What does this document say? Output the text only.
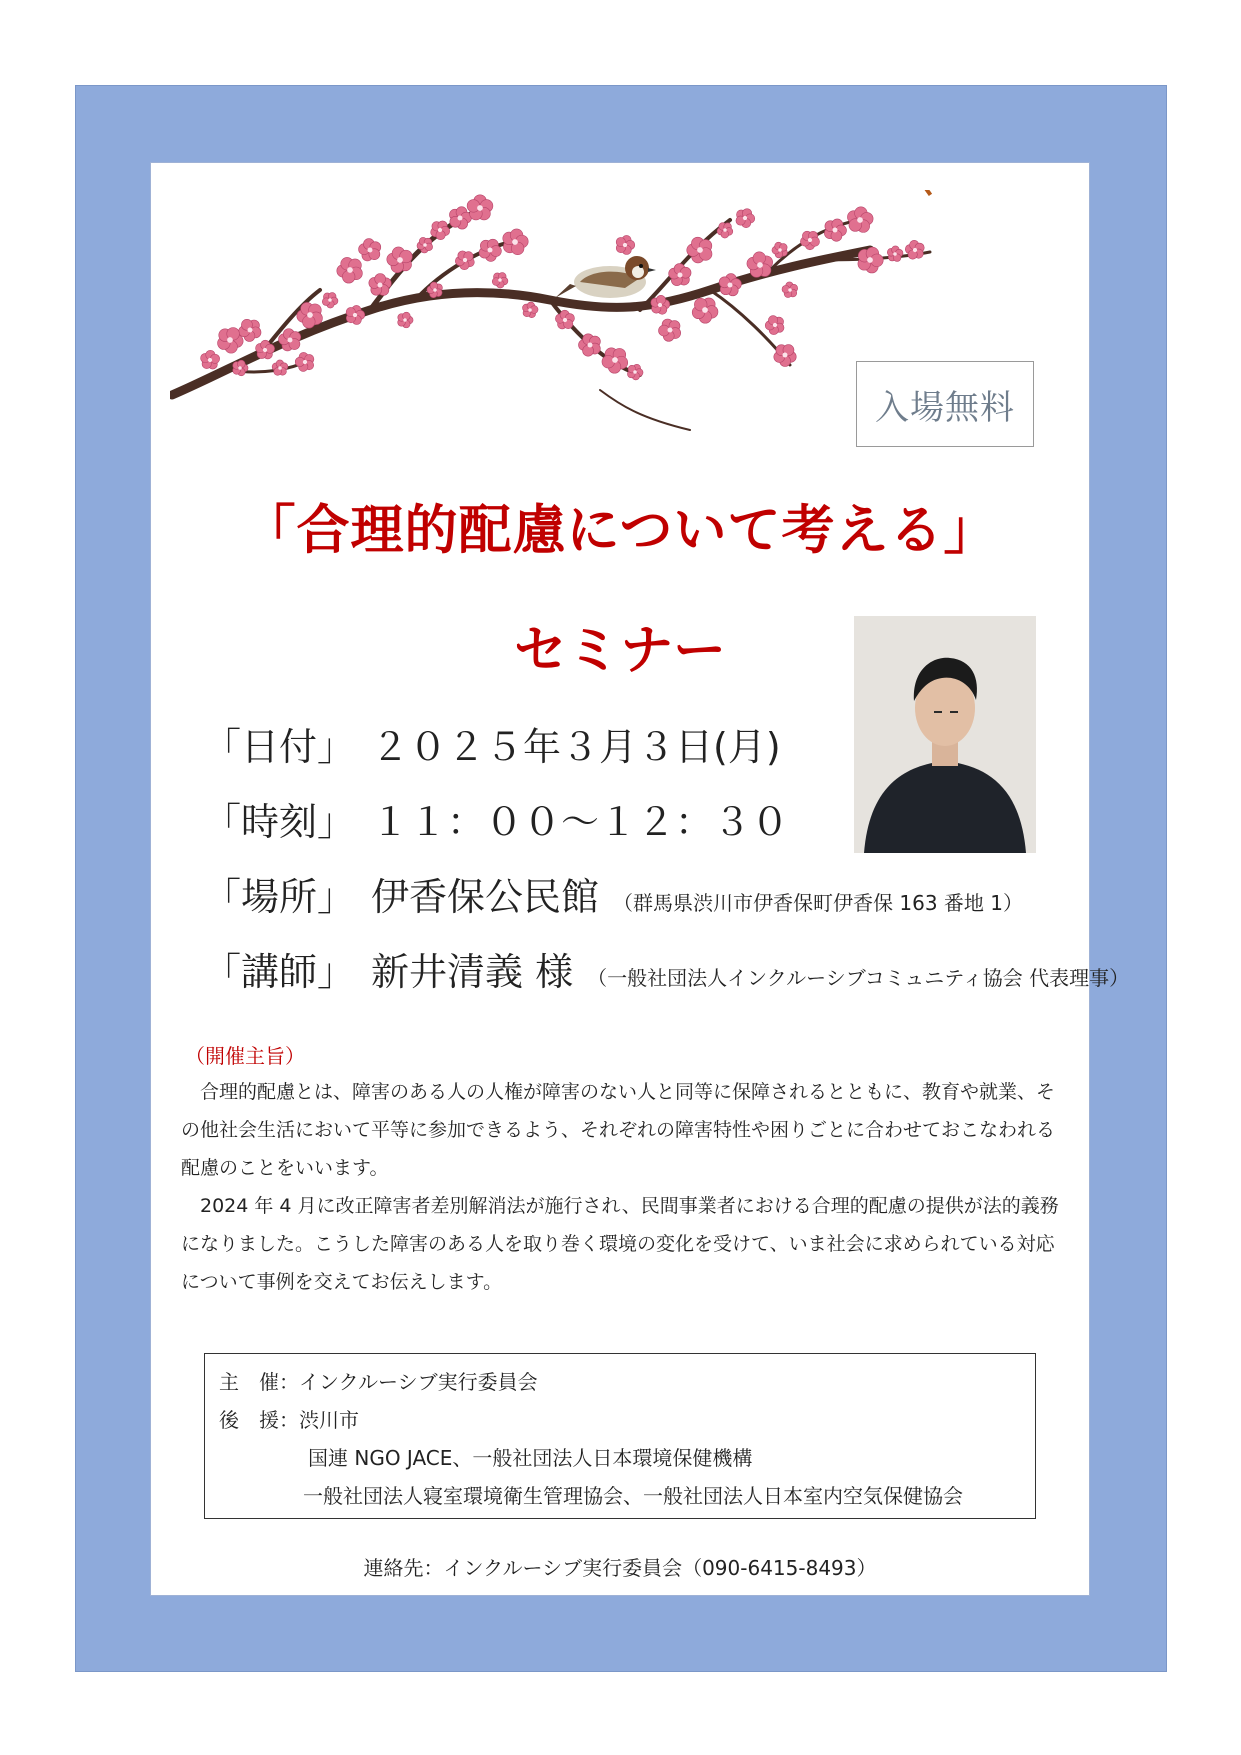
入場無料
「合理的配慮について考える」
セミナー
「日付」 ２０２５年３月３日(月)
「時刻」 １１：００～１２：３０
「場所」 伊香保公民館 （群馬県渋川市伊香保町伊香保 163 番地 1）
「講師」 新井清義 様 （一般社団法人インクルーシブコミュニティ協会 代表理事）
（開催主旨）

　合理的配慮とは、障害のある人の人権が障害のない人と同等に保障されるとともに、教育や就業、その他社会生活において平等に参加できるよう、それぞれの障害特性や困りごとに合わせておこなわれる配慮のことをいいます。

　2024 年 4 月に改正障害者差別解消法が施行され、民間事業者における合理的配慮の提供が法的義務になりました。こうした障害のある人を取り巻く環境の変化を受けて、いま社会に求められている対応について事例を交えてお伝えします。

主　催：インクルーシブ実行委員会
後　援：渋川市
国連 NGO JACE、一般社団法人日本環境保健機構
一般社団法人寝室環境衛生管理協会、一般社団法人日本室内空気保健協会
連絡先：インクルーシブ実行委員会（090-6415-8493）
